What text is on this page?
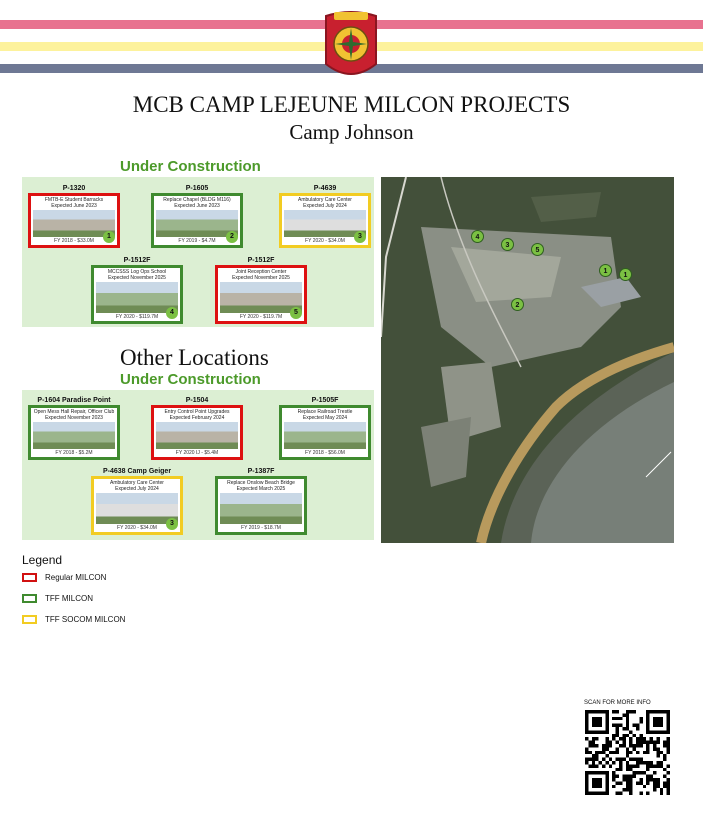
MCB CAMP LEJEUNE MILCON PROJECTS
Camp Johnson
Under Construction
P-1320
FMTB-E Student Barracks
Expected June 2023
FY 2018 - $33.0M
1
P-1605
Replace Chapel (BLDG M116)
Expected June 2023
FY 2019 - $4.7M
2
P-4639
Ambulatory Care Center
Expected July 2024
FY 2020 - $34.0M
3
P-1512F
MCCSSS Log Ops School
Expected November 2025
FY 2020 - $119.7M
4
P-1512F
Joint Reception Center
Expected November 2025
FY 2020 - $119.7M
5
Other Locations
Under Construction
P-1604 Paradise Point
Open Mess Hall Repair, Officer Club
Expected November 2023
FY 2018 - $5.2M
P-1504
Entry Control Point Upgrades
Expected February 2024
FY 2020 IJ - $5.4M
P-1505F
Replace Railroad Trestle
Expected May 2024
FY 2018 - $56.0M
P-4638 Camp Geiger
Ambulatory Care Center
Expected July 2024
FY 2020 - $34.0M
3
P-1387F
Replace Onslow Beach Bridge
Expected March 2025
FY 2019 - $18.7M
4
3
5
1
1
2
Legend
Regular MILCON
TFF MILCON
TFF SOCOM MILCON
SCAN FOR MORE INFO
